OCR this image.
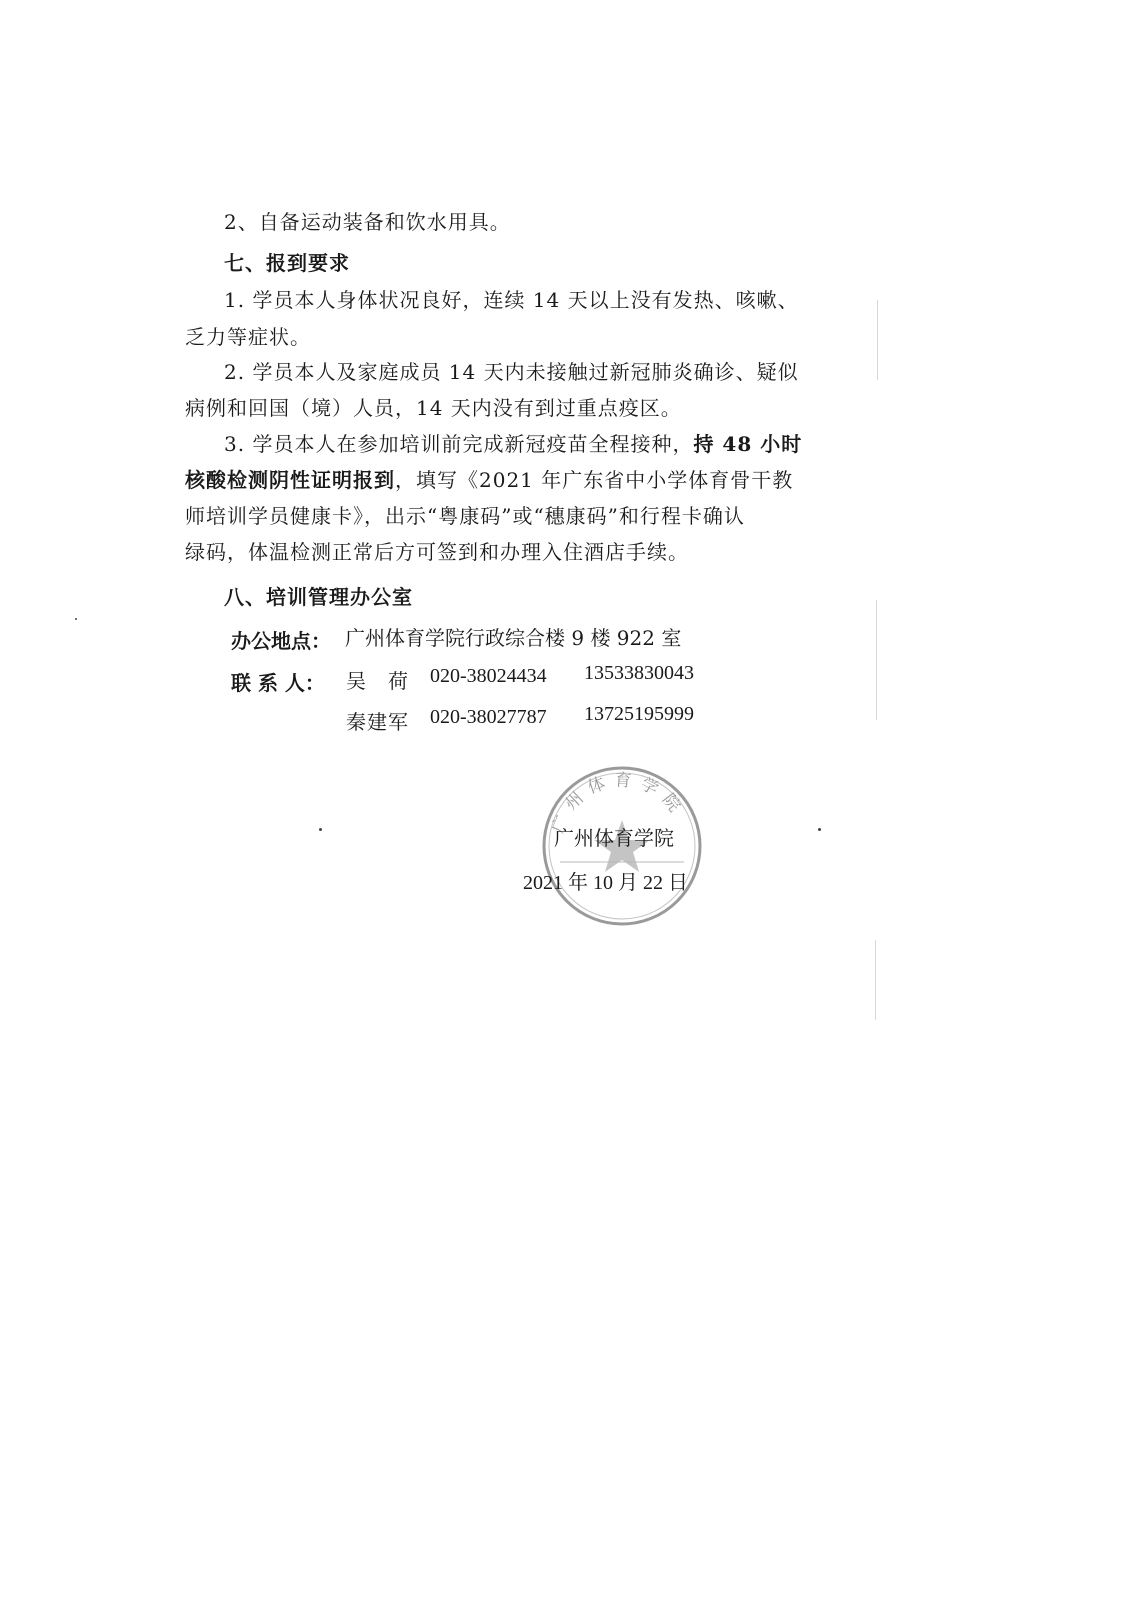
2、自备运动装备和饮水用具。
七、报到要求
1. 学员本人身体状况良好，连续 14 天以上没有发热、咳嗽、
乏力等症状。
2. 学员本人及家庭成员 14 天内未接触过新冠肺炎确诊、疑似
病例和回国（境）人员，14 天内没有到过重点疫区。
3. 学员本人在参加培训前完成新冠疫苗全程接种，持 48 小时
核酸检测阴性证明报到，填写《2021 年广东省中小学体育骨干教
师培训学员健康卡》，出示“粤康码”或“穗康码”和行程卡确认
绿码，体温检测正常后方可签到和办理入住酒店手续。
八、培训管理办公室
办公地点： 广州体育学院行政综合楼 9 楼 922 室
联 系 人： 吴　荷 020-38024434 13533830043
秦建军 020-38027787 13725195999
广州体育学院
广州体育学院
2021 年 10 月 22 日
